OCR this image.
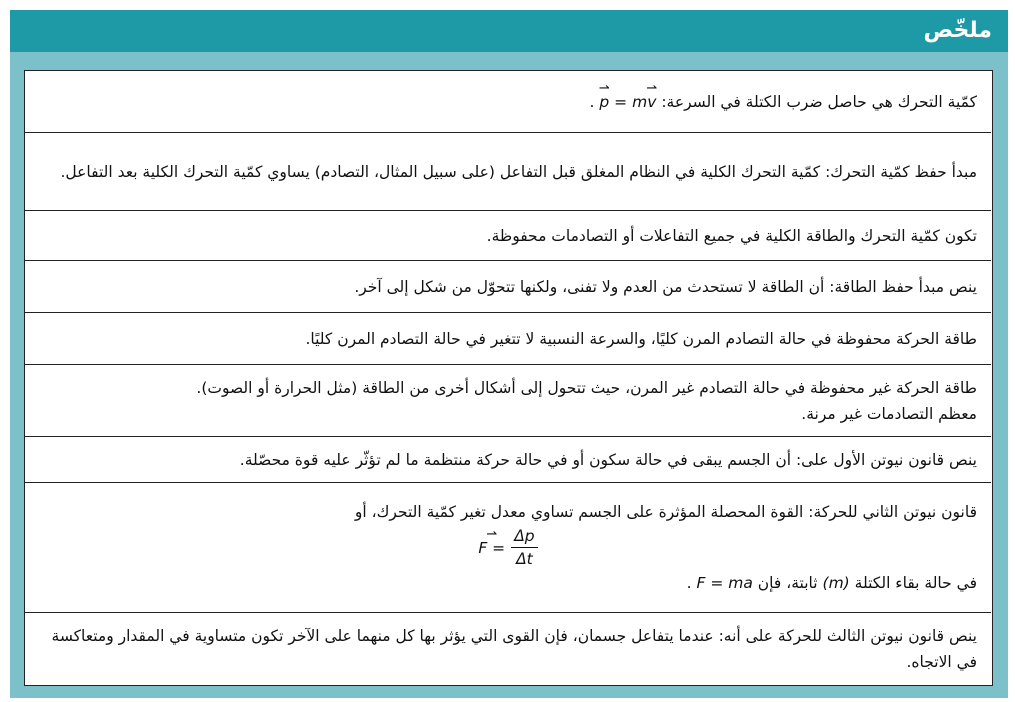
ملخّص
كمّية التحرك هي حاصل ضرب الكتلة في السرعة: ⇀ p = m⇀ v .
مبدأ حفظ كمّية التحرك: كمّية التحرك الكلية في النظام المغلق قبل التفاعل (على سبيل المثال، التصادم) يساوي كمّية التحرك الكلية بعد التفاعل.
تكون كمّية التحرك والطاقة الكلية في جميع التفاعلات أو التصادمات محفوظة.
ينص مبدأ حفظ الطاقة: أن الطاقة لا تستحدث من العدم ولا تفنى، ولكنها تتحوّل من شكل إلى آخر.
طاقة الحركة محفوظة في حالة التصادم المرن كليًا، والسرعة النسبية لا تتغير في حالة التصادم المرن كليًا.
طاقة الحركة غير محفوظة في حالة التصادم غير المرن، حيث تتحول إلى أشكال أخرى من الطاقة (مثل الحرارة أو الصوت).
معظم التصادمات غير مرنة.
ينص قانون نيوتن الأول على: أن الجسم يبقى في حالة سكون أو في حالة حركة منتظمة ما لم تؤثّر عليه قوة محصّلة.
قانون نيوتن الثاني للحركة: القوة المحصلة المؤثرة على الجسم تساوي معدل تغير كمّية التحرك، أو
⇀ $F = \frac{\Delta p}{\Delta t}$
في حالة بقاء الكتلة (m) ثابتة، فإن F = ma .
ينص قانون نيوتن الثالث للحركة على أنه: عندما يتفاعل جسمان، فإن القوى التي يؤثر بها كل منهما على الآخر تكون متساوية في المقدار ومتعاكسة في الاتجاه.
